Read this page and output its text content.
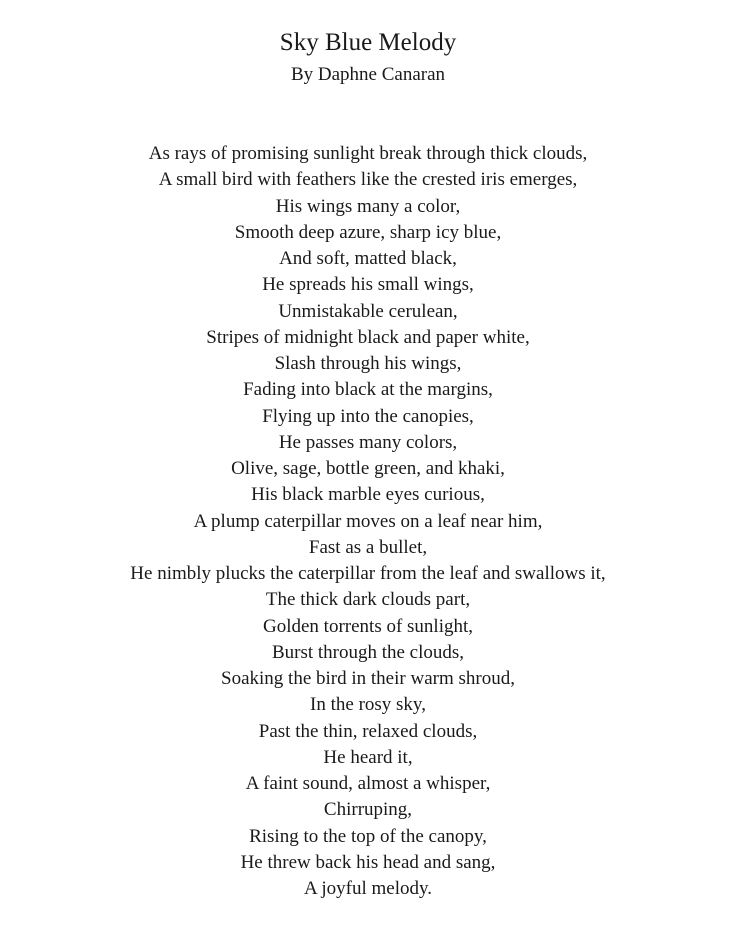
Sky Blue Melody
By Daphne Canaran
As rays of promising sunlight break through thick clouds,
A small bird with feathers like the crested iris emerges,
His wings many a color,
Smooth deep azure, sharp icy blue,
And soft, matted black,
He spreads his small wings,
Unmistakable cerulean,
Stripes of midnight black and paper white,
Slash through his wings,
Fading into black at the margins,
Flying up into the canopies,
He passes many colors,
Olive, sage, bottle green, and khaki,
His black marble eyes curious,
A plump caterpillar moves on a leaf near him,
Fast as a bullet,
He nimbly plucks the caterpillar from the leaf and swallows it,
The thick dark clouds part,
Golden torrents of sunlight,
Burst through the clouds,
Soaking the bird in their warm shroud,
In the rosy sky,
Past the thin, relaxed clouds,
He heard it,
A faint sound, almost a whisper,
Chirruping,
Rising to the top of the canopy,
He threw back his head and sang,
A joyful melody.
